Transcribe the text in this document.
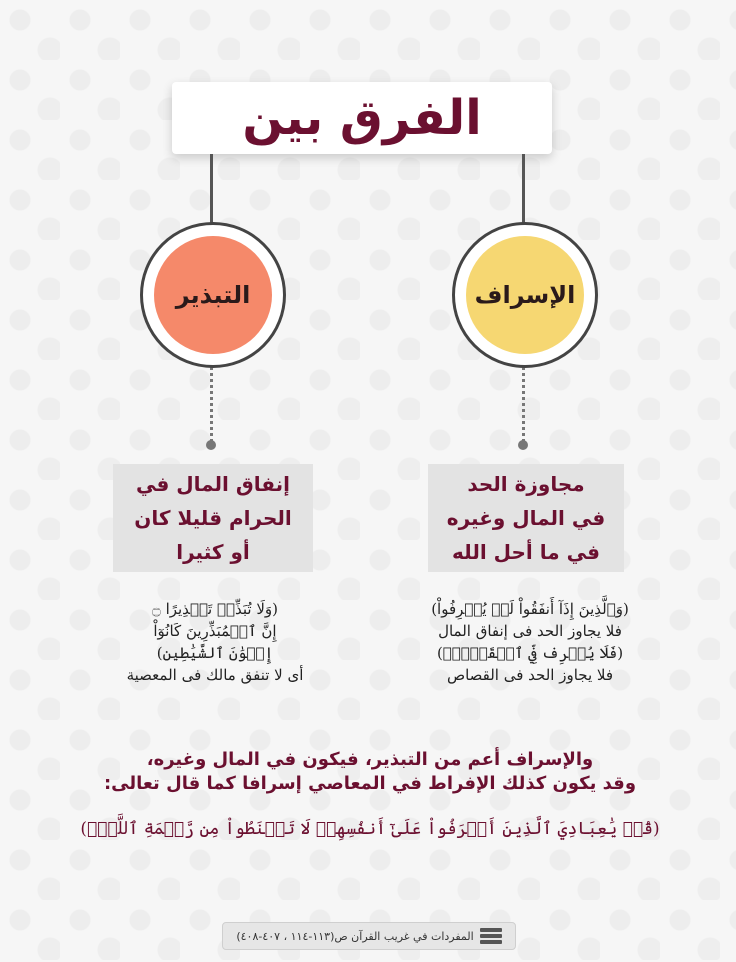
الفرق بين
التبذير	الإسراف
إنفاق المال في
الحرام قليلا كان
أو كثيرا
مجاوزة الحد
في المال وغيره
في ما أحل الله
(وَلَا تُبَذِّرۡ تَبۡذِيرًا ۝
إِنَّ ٱلۡمُبَذِّرِينَ كَانُوٓاْ
إِخۡوَٰنَ ٱلشَّيَٰطِينِ)
أى لا تنفق مالك فى المعصية
(وَٱلَّذِينَ إِذَآ أَنفَقُواْ لَمۡ يُسۡرِفُواْ)
فلا يجاوز الحد فى إنفاق المال
(فَلَا يُسۡرِف فِّي ٱلۡقَتۡلِۖ)
فلا يجاوز الحد فى القصاص
والإسراف أعم من التبذير، فيكون في المال وغيره،
وقد يكون كذلك الإفراط في المعاصي إسرافا كما قال تعالى:
(قُلۡ يَٰعِبَادِيَ ٱلَّذِينَ أَسۡرَفُواْ عَلَىٰٓ أَنفُسِهِمۡ لَا تَقۡنَطُواْ مِن رَّحۡمَةِ ٱللَّهِۚ)
المفردات في غريب القرآن ص(١١٣-١١٤ ، ٤٠٧-٤٠٨)
